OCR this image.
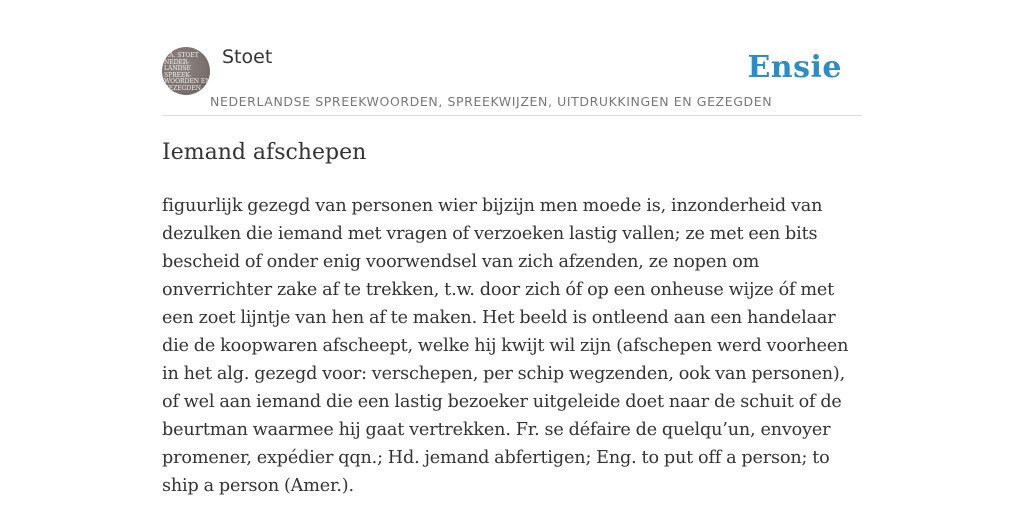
F.A. STOET
NEDER-
LANDSE
SPREEK-
WOORDEN EN
GEZEGDEN
Stoet	Ensie
NEDERLANDSE SPREEKWOORDEN, SPREEKWIJZEN, UITDRUKKINGEN EN GEZEGDEN
Iemand afschepen

figuurlijk gezegd van personen wier bijzijn men moede is, inzonderheid van dezulken die iemand met vragen of verzoeken lastig vallen; ze met een bits bescheid of onder enig voorwendsel van zich afzenden, ze nopen om onverrichter zake af te trekken, t.w. door zich óf op een onheuse wijze óf met een zoet lijntje van hen af te maken. Het beeld is ontleend aan een handelaar die de koopwaren afscheept, welke hij kwijt wil zijn (afschepen werd voorheen in het alg. gezegd voor: verschepen, per schip wegzenden, ook van personen), of wel aan iemand die een lastig bezoeker uitgeleide doet naar de schuit of de beurtman waarmee hij gaat vertrekken. Fr. se défaire de quelqu’un, envoyer promener, expédier qqn.; Hd. jemand abfertigen; Eng. to put off a person; to ship a person (Amer.).
